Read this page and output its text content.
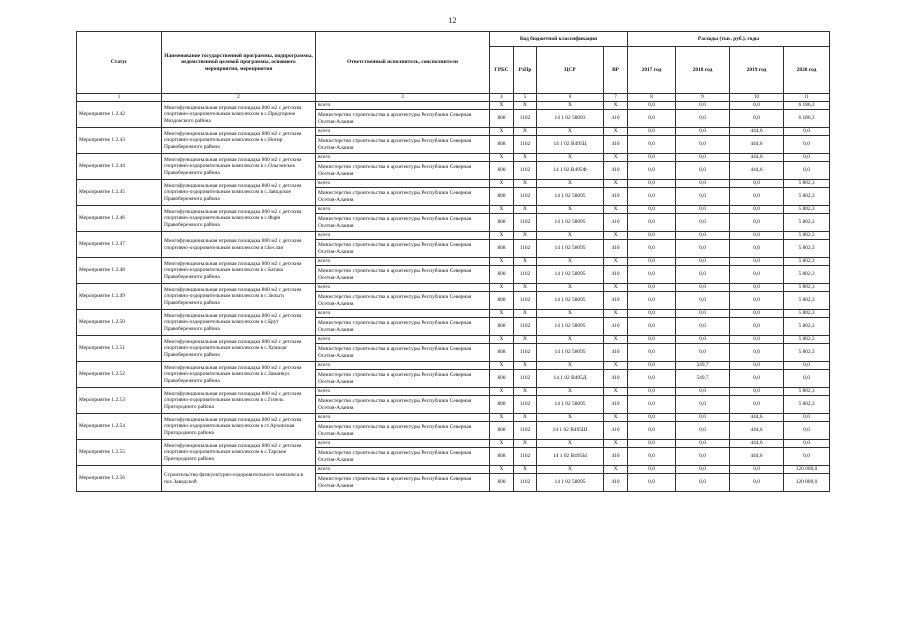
12
Статус	Наименование государственной программы, подпрограммы, ведомственной целевой программы, основного мероприятия, мероприятия	Ответственный исполнитель, соисполнители	Код бюджетной классификации				Расходы (тыс. руб.), годы			
			ГРБС	РзПр	ЦСР	ВР	2017 год	2018 год	2019 год	2020 год
1	2	3	4	5	6	7	8	9	10	11
Мероприятие 1.2.42	Многофункциональная игровая площадка 800 м2 с детским спортивно-оздоровительным комплексом в с.Предгорное Моздокского района	всего	X	X	X	X	0,0	0,0	0,0	6 186,3
		Министерство строительства и архитектуры Республики Северная Осетия-Алания	808	1102	14 1 02 58093	410	0,0	0,0	0,0	6 186,3
Мероприятие 1.2.43	Многофункциональная игровая площадка 800 м2 с детским спортивно-оздоровительным комплексом в с.Ногир Правобережного района	всего	X	X	X	X	0,0	0,0	444,6	0,0
		Министерство строительства и архитектуры Республики Северная Осетия-Алания	808	1102	14 1 02 В495Ц	410	0,0	0,0	444,6	0,0
Мероприятие 1.2.44	Многофункциональная игровая площадка 800 м2 с детским спортивно-оздоровительным комплексом в с.Ольгинское Правобережного района	всего	X	X	X	X	0,0	0,0	444,6	0,0
		Министерство строительства и архитектуры Республики Северная Осетия-Алания	808	1102	14 1 02 В495Ф	410	0,0	0,0	444,6	0,0
Мероприятие 1.2.45	Многофункциональная игровая площадка 800 м2 с детским спортивно-оздоровительным комплексом в с.Заводское Правобережного района	всего	X	X	X	X	0,0	0,0	0,0	5 802,3
		Министерство строительства и архитектуры Республики Северная Осетия-Алания	808	1102	14 1 02 58095	410	0,0	0,0	0,0	5 802,3
Мероприятие 1.2.46	Многофункциональная игровая площадка 800 м2 с детским спортивно-оздоровительным комплексом в с.Фарн Правобережного района	всего	X	X	X	X	0,0	0,0	0,0	5 802,3
		Министерство строительства и архитектуры Республики Северная Осетия-Алания	808	1102	14 1 02 58095	410	0,0	0,0	0,0	5 802,3
Мероприятие 1.2.47	Многофункциональная игровая площадка 800 м2 с детским спортивно-оздоровительным комплексом в г.Беслан	всего	X	X	X	X	0,0	0,0	0,0	5 802,3
		Министерство строительства и архитектуры Республики Северная Осетия-Алания	808	1102	14 1 02 58095	410	0,0	0,0	0,0	5 802,3
Мероприятие 1.2.48	Многофункциональная игровая площадка 800 м2 с детским спортивно-оздоровительным комплексом в с.Батако Правобережного района	всего	X	X	X	X	0,0	0,0	0,0	5 802,3
		Министерство строительства и архитектуры Республики Северная Осетия-Алания	808	1102	14 1 02 58095	410	0,0	0,0	0,0	5 802,3
Мероприятие 1.2.49	Многофункциональная игровая площадка 800 м2 с детским спортивно-оздоровительным комплексом в с.Зильги Правобережного района	всего	X	X	X	X	0,0	0,0	0,0	5 802,3
		Министерство строительства и архитектуры Республики Северная Осетия-Алания	808	1102	14 1 02 58095	410	0,0	0,0	0,0	5 802,3
Мероприятие 1.2.50	Многофункциональная игровая площадка 800 м2 с детским спортивно-оздоровительным комплексом в с.Брут Правобережного района	всего	X	X	X	X	0,0	0,0	0,0	5 802,3
		Министерство строительства и архитектуры Республики Северная Осетия-Алания	808	1102	14 1 02 58095	410	0,0	0,0	0,0	5 802,3
Мероприятие 1.2.51	Многофункциональная игровая площадка 800 м2 с детским спортивно-оздоровительным комплексом в с.Хумалаг Правобережного района	всего	X	X	X	X	0,0	0,0	0,0	5 802,3
		Министерство строительства и архитектуры Республики Северная Осетия-Алания	808	1102	14 1 02 58095	410	0,0	0,0	0,0	5 802,3
Мероприятие 1.2.52	Многофункциональная игровая площадка 800 м2 с детским спортивно-оздоровительным комплексом в с.Заманкул Правобережного района	всего	X	X	X	X	0,0	549,7	0,0	0,0
		Министерство строительства и архитектуры Республики Северная Осетия-Алания	808	1102	14 1 02 В495Д	410	0,0	549,7	0,0	0,0
Мероприятие 1.2.53	Многофункциональная игровая площадка 800 м2 с детским спортивно-оздоровительным комплексом в с.Гизель Пригородного района	всего	X	X	X	X	0,0	0,0	0,0	5 802,3
		Министерство строительства и архитектуры Республики Северная Осетия-Алания	808	1102	14 1 02 58095	410	0,0	0,0	0,0	5 802,3
Мероприятие 1.2.54	Многофункциональная игровая площадка 800 м2 с детским спортивно-оздоровительным комплексом в ст.Архонская Пригородного района	всего	X	X	X	X	0,0	0,0	444,6	0,0
		Министерство строительства и архитектуры Республики Северная Осетия-Алания	808	1102	14 1 02 В495Ш	410	0,0	0,0	444,6	0,0
Мероприятие 1.2.55	Многофункциональная игровая площадка 800 м2 с детским спортивно-оздоровительным комплексом в с.Тарское Пригородного района	всего	X	X	X	X	0,0	0,0	444,6	0,0
		Министерство строительства и архитектуры Республики Северная Осетия-Алания	808	1102	14 1 02 В495Ы	410	0,0	0,0	444,6	0,0
Мероприятие 1.2.56	Строительство физкультурно-оздоровительного комплекса в пос.Заводской	всего	X	X	X	X	0,0	0,0	0,0	120 000,0
		Министерство строительства и архитектуры Республики Северная Осетия-Алания	808	1102	14 1 02 58095	410	0,0	0,0	0,0	120 000,0
